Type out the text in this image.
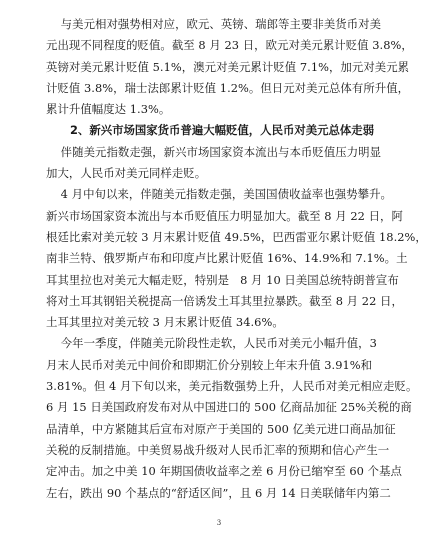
与美元相对强势相对应，欧元、英镑、瑞郎等主要非美货币对美

元出现不同程度的贬值。截至 8 月 23 日，欧元对美元累计贬值 3.8%，

英镑对美元累计贬值 5.1%，澳元对美元累计贬值 7.1%，加元对美元累

计贬值 3.8%，瑞士法郎累计贬值 1.2%。但日元对美元总体有所升值，

累计升值幅度达 1.3%。

2、新兴市场国家货币普遍大幅贬值，人民币对美元总体走弱

伴随美元指数走强，新兴市场国家资本流出与本币贬值压力明显

加大，人民币对美元同样走贬。

4 月中旬以来，伴随美元指数走强，美国国债收益率也强势攀升。

新兴市场国家资本流出与本币贬值压力明显加大。截至 8 月 22 日，阿

根廷比索对美元较 3 月末累计贬值 49.5%，巴西雷亚尔累计贬值 18.2%，

南非兰特、俄罗斯卢布和印度卢比累计贬值 16%、14.9%和 7.1%。土

耳其里拉也对美元大幅走贬，特别是   8 月 10 日美国总统特朗普宣布

将对土耳其钢铝关税提高一倍诱发土耳其里拉暴跌。截至 8 月 22 日，

土耳其里拉对美元较 3 月末累计贬值 34.6%。

今年一季度，伴随美元阶段性走软，人民币对美元小幅升值，3

月末人民币对美元中间价和即期汇价分别较上年末升值 3.91%和

3.81%。但 4 月下旬以来，美元指数强势上升，人民币对美元相应走贬。

6 月 15 日美国政府发布对从中国进口的 500 亿商品加征 25%关税的商

品清单，中方紧随其后宣布对原产于美国的 500 亿美元进口商品加征

关税的反制措施。中美贸易战升级对人民币汇率的预期和信心产生一

定冲击。加之中美 10 年期国债收益率之差 6 月份已缩窄至 60 个基点

左右，跌出 90 个基点的“舒适区间”，且 6 月 14 日美联储年内第二

3
